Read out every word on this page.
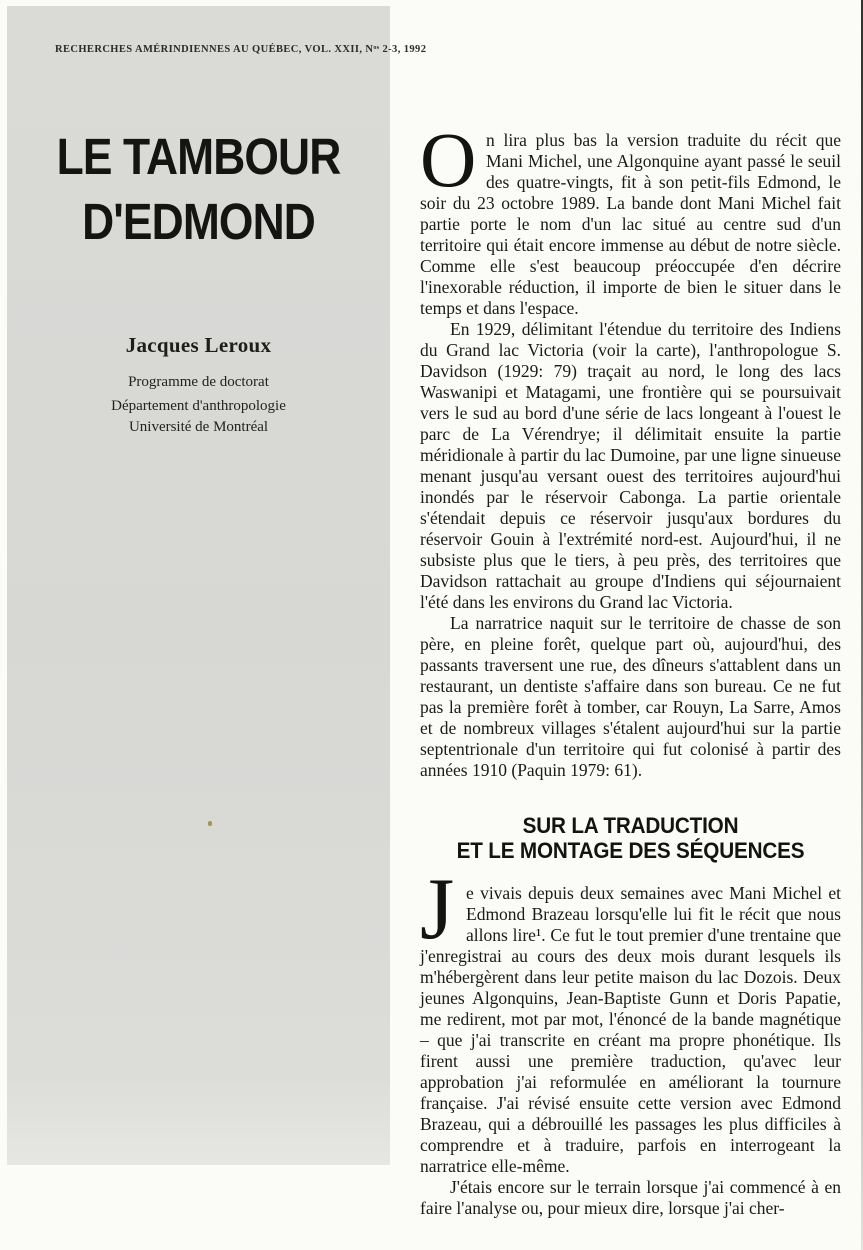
RECHERCHES AMÉRINDIENNES AU QUÉBEC, VOL. XXII, Nᵒˢ 2-3, 1992
LE TAMBOUR
D'EDMOND
Jacques Leroux
Programme de doctorat
Département d'anthropologie
Université de Montréal

On lira plus bas la version traduite du récit que Mani Michel, une Algonquine ayant passé le seuil des quatre-vingts, fit à son petit-fils Edmond, le soir du 23 octobre 1989. La bande dont Mani Michel fait partie porte le nom d'un lac situé au centre sud d'un territoire qui était encore immense au début de notre siècle. Comme elle s'est beaucoup préoccupée d'en décrire l'inexorable réduction, il importe de bien le situer dans le temps et dans l'espace.

En 1929, délimitant l'étendue du territoire des Indiens du Grand lac Victoria (voir la carte), l'anthropologue S. Davidson (1929: 79) traçait au nord, le long des lacs Waswanipi et Matagami, une frontière qui se poursuivait vers le sud au bord d'une série de lacs longeant à l'ouest le parc de La Vérendrye; il délimitait ensuite la partie méridionale à partir du lac Dumoine, par une ligne sinueuse menant jusqu'au versant ouest des territoires aujourd'hui inondés par le réservoir Cabonga. La partie orientale s'étendait depuis ce réservoir jusqu'aux bordures du réservoir Gouin à l'extrémité nord-est. Aujourd'hui, il ne subsiste plus que le tiers, à peu près, des territoires que Davidson rattachait au groupe d'Indiens qui séjournaient l'été dans les environs du Grand lac Victoria.

La narratrice naquit sur le territoire de chasse de son père, en pleine forêt, quelque part où, aujourd'hui, des passants traversent une rue, des dîneurs s'attablent dans un restaurant, un dentiste s'affaire dans son bureau. Ce ne fut pas la première forêt à tomber, car Rouyn, La Sarre, Amos et de nombreux villages s'étalent aujourd'hui sur la partie septentrionale d'un territoire qui fut colonisé à partir des années 1910 (Paquin 1979: 61).

SUR LA TRADUCTION
ET LE MONTAGE DES SÉQUENCES

Je vivais depuis deux semaines avec Mani Michel et Edmond Brazeau lorsqu'elle lui fit le récit que nous allons lire¹. Ce fut le tout premier d'une trentaine que j'enregistrai au cours des deux mois durant lesquels ils m'hébergèrent dans leur petite maison du lac Dozois. Deux jeunes Algonquins, Jean-Baptiste Gunn et Doris Papatie, me redirent, mot par mot, l'énoncé de la bande magnétique – que j'ai transcrite en créant ma propre phonétique. Ils firent aussi une première traduction, qu'avec leur approbation j'ai reformulée en améliorant la tournure française. J'ai révisé ensuite cette version avec Edmond Brazeau, qui a débrouillé les passages les plus difficiles à comprendre et à traduire, parfois en interrogeant la narratrice elle-même.

J'étais encore sur le terrain lorsque j'ai commencé à en faire l'analyse ou, pour mieux dire, lorsque j'ai cher-
